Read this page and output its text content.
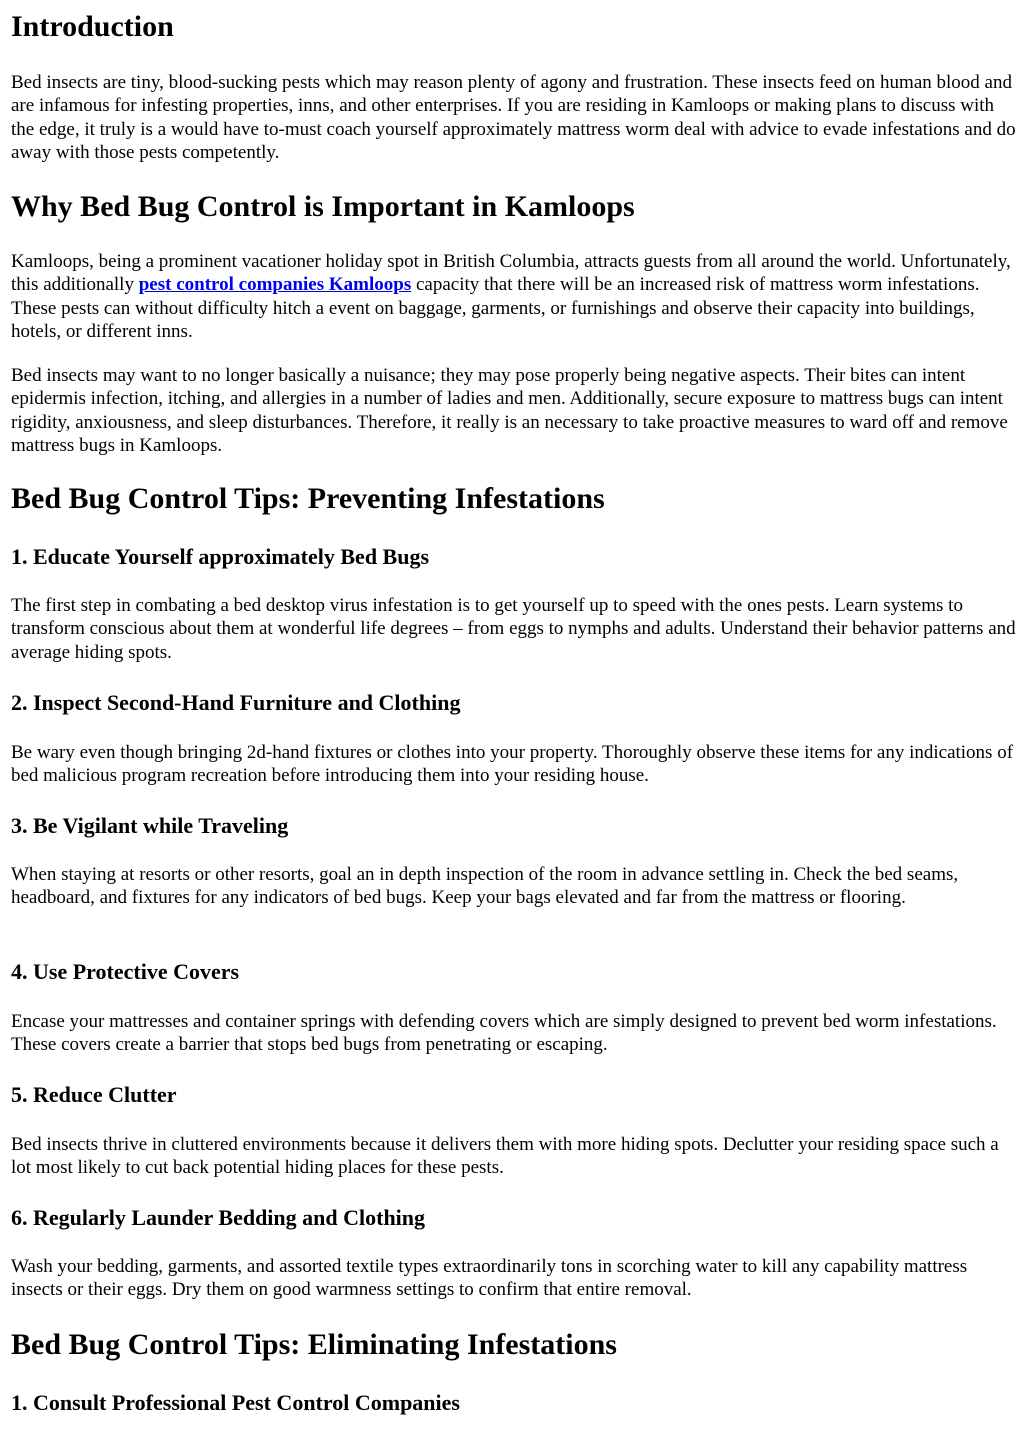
Introduction

Bed insects are tiny, blood-sucking pests which may reason plenty of agony and frustration. These insects feed on human blood and are infamous for infesting properties, inns, and other enterprises. If you are residing in Kamloops or making plans to discuss with the edge, it truly is a would have to-must coach yourself approximately mattress worm deal with advice to evade infestations and do away with those pests competently.

Why Bed Bug Control is Important in Kamloops

Kamloops, being a prominent vacationer holiday spot in British Columbia, attracts guests from all around the world. Unfortunately, this additionally pest control companies Kamloops capacity that there will be an increased risk of mattress worm infestations. These pests can without difficulty hitch a event on baggage, garments, or furnishings and observe their capacity into buildings, hotels, or different inns.

Bed insects may want to no longer basically a nuisance; they may pose properly being negative aspects. Their bites can intent epidermis infection, itching, and allergies in a number of ladies and men. Additionally, secure exposure to mattress bugs can intent rigidity, anxiousness, and sleep disturbances. Therefore, it really is an necessary to take proactive measures to ward off and remove mattress bugs in Kamloops.

Bed Bug Control Tips: Preventing Infestations
1. Educate Yourself approximately Bed Bugs

The first step in combating a bed desktop virus infestation is to get yourself up to speed with the ones pests. Learn systems to transform conscious about them at wonderful life degrees – from eggs to nymphs and adults. Understand their behavior patterns and average hiding spots.

2. Inspect Second-Hand Furniture and Clothing

Be wary even though bringing 2d-hand fixtures or clothes into your property. Thoroughly observe these items for any indications of bed malicious program recreation before introducing them into your residing house.

3. Be Vigilant while Traveling

When staying at resorts or other resorts, goal an in depth inspection of the room in advance settling in. Check the bed seams, headboard, and fixtures for any indicators of bed bugs. Keep your bags elevated and far from the mattress or flooring.

4. Use Protective Covers

Encase your mattresses and container springs with defending covers which are simply designed to prevent bed worm infestations. These covers create a barrier that stops bed bugs from penetrating or escaping.

5. Reduce Clutter

Bed insects thrive in cluttered environments because it delivers them with more hiding spots. Declutter your residing space such a lot most likely to cut back potential hiding places for these pests.

6. Regularly Launder Bedding and Clothing

Wash your bedding, garments, and assorted textile types extraordinarily tons in scorching water to kill any capability mattress insects or their eggs. Dry them on good warmness settings to confirm that entire removal.

Bed Bug Control Tips: Eliminating Infestations
1. Consult Professional Pest Control Companies
